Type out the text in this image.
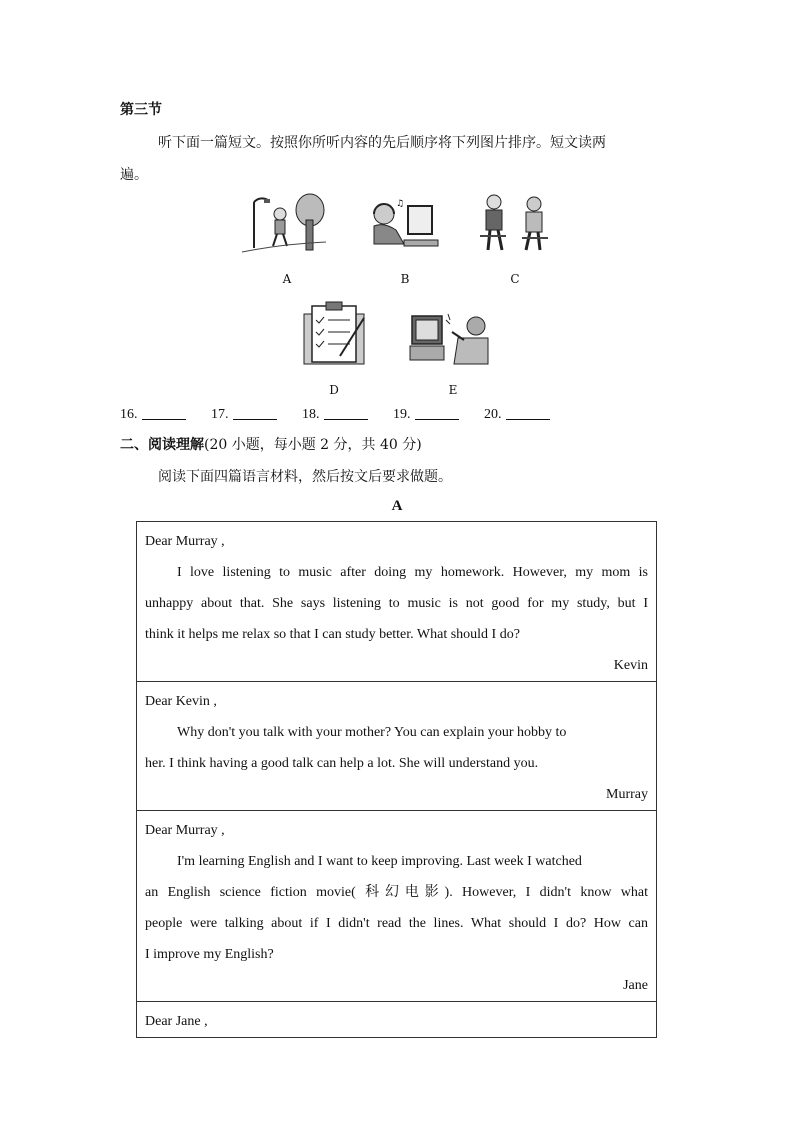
第三节
听下面一篇短文。按照你所听内容的先后顺序将下列图片排序。短文读两
遍。
A
♫
B	C
D	E
16.	17.	18.	19.	20.
二、阅读理解(20 小题，每小题 2 分，共 40 分)
阅读下面四篇语言材料，然后按文后要求做题。
A
Dear Murray ,
I love listening to music after doing my homework. However, my mom is
unhappy about that. She says listening to music is not good for my study, but I
think it helps me relax so that I can study better. What should I do?
Kevin

Dear Kevin ,
Why don't you talk with your mother? You can explain your hobby to
her. I think having a good talk can help a lot. She will understand you.
Murray

Dear Murray ,
I'm learning English and I want to keep improving. Last week I watched
an English science fiction movie( 科幻电影). However, I didn't know what
people were talking about if I didn't read the lines. What should I do? How can
I improve my English?
Jane

Dear Jane ,
